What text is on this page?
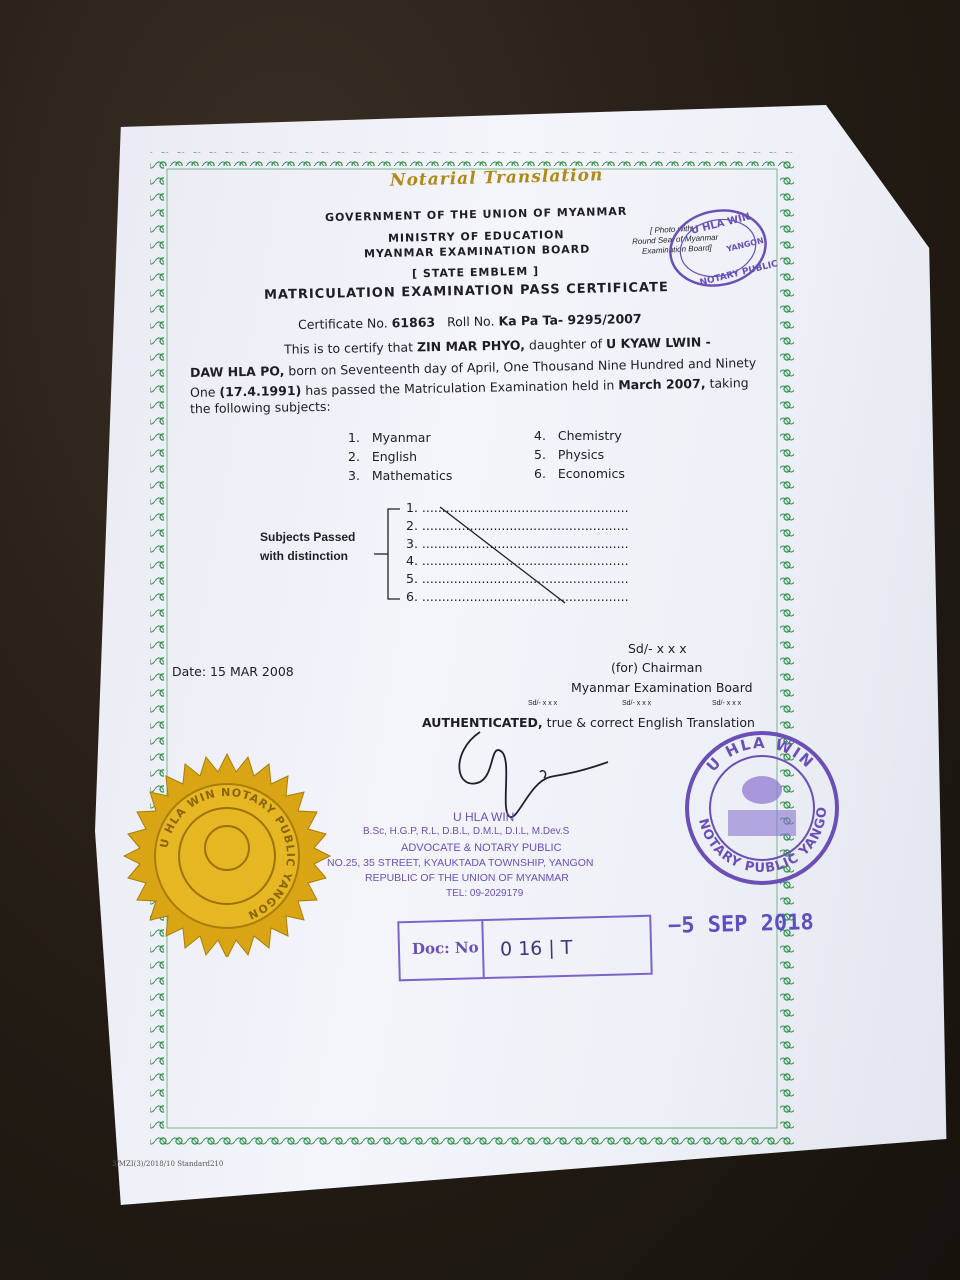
Notarial Translation
GOVERNMENT OF THE UNION OF MYANMAR
MINISTRY OF EDUCATION
MYANMAR EXAMINATION BOARD
[ STATE EMBLEM ]
[ Photo with
Round Seal of Myanmar
Examination Board]
U HLA WIN
YANGON
NOTARY PUBLIC
MATRICULATION EXAMINATION PASS CERTIFICATE
Certificate No. 61863 Roll No. Ka Pa Ta- 9295/2007
This is to certify that ZIN MAR PHYO, daughter of U KYAW LWIN -
DAW HLA PO, born on Seventeenth day of April, One Thousand Nine Hundred and Ninety
One (17.4.1991) has passed the Matriculation Examination held in March 2007, taking
the following subjects:
1. Myanmar
2. English
3. Mathematics
4. Chemistry
5. Physics
6. Economics
Subjects Passed
with distinction
1. ....................................................
2. ....................................................
3. ....................................................
4. ....................................................
5. ....................................................
6. ....................................................
Sd/- x x x
(for) Chairman
Myanmar Examination Board
Date: 15 MAR 2008
Sd/- x x x	Sd/- x x x	Sd/- x x x
AUTHENTICATED, true & correct English Translation
U HLA WIN
B.Sc, H.G.P, R.L, D.B.L, D.M.L, D.I.L, M.Dev.S
ADVOCATE & NOTARY PUBLIC
NO.25, 35 STREET, KYAUKTADA TOWNSHIP, YANGON
REPUBLIC OF THE UNION OF MYANMAR
TEL: 09-2029179
U HLA WIN
NOTARY PUBLIC YANGO
U HLA WIN NOTARY PUBLIC YANGON
Doc: No 0 16 | T
−5 SEP 2018
3/MZI(3)/2018/10 Standard210
